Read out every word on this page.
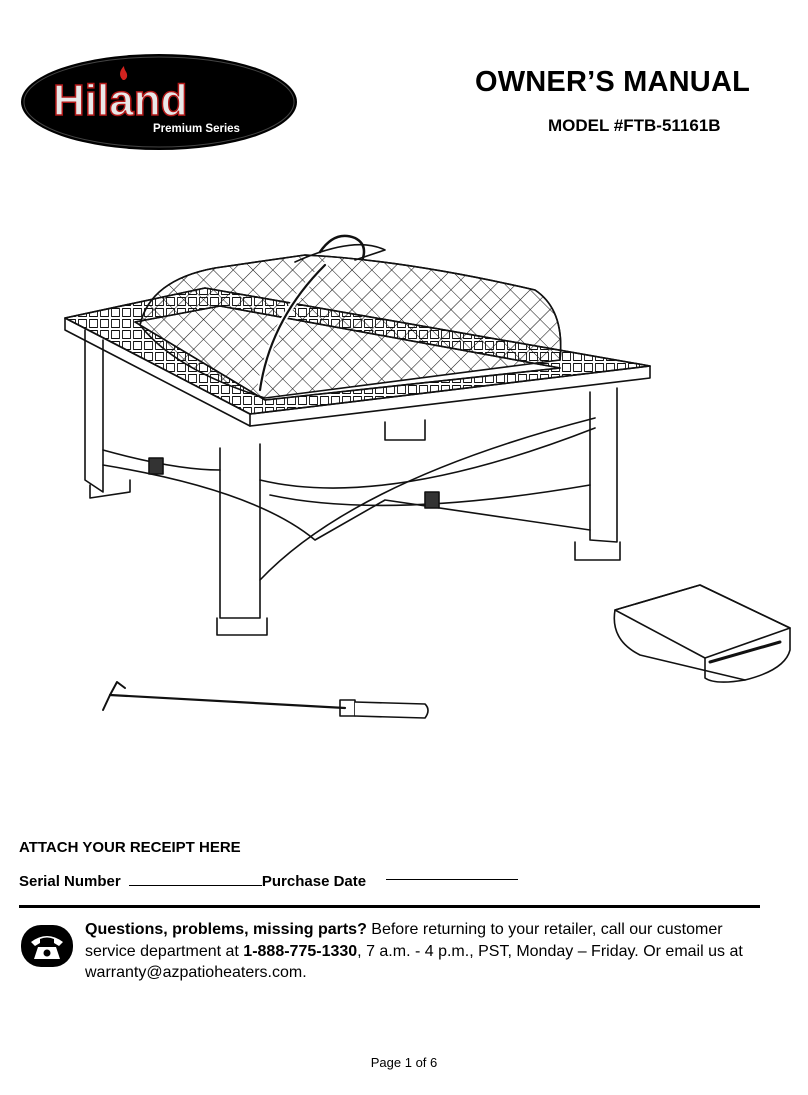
Hiland
Premium Series
OWNER’S MANUAL
MODEL #FTB-51161B
ATTACH YOUR RECEIPT HERE
Serial Number	Purchase Date
Questions, problems, missing parts? Before returning to your retailer, call our customer service department at 1-888-775-1330, 7 a.m. - 4 p.m., PST, Monday – Friday. Or email us at warranty@azpatioheaters.com.
Page 1 of 6
